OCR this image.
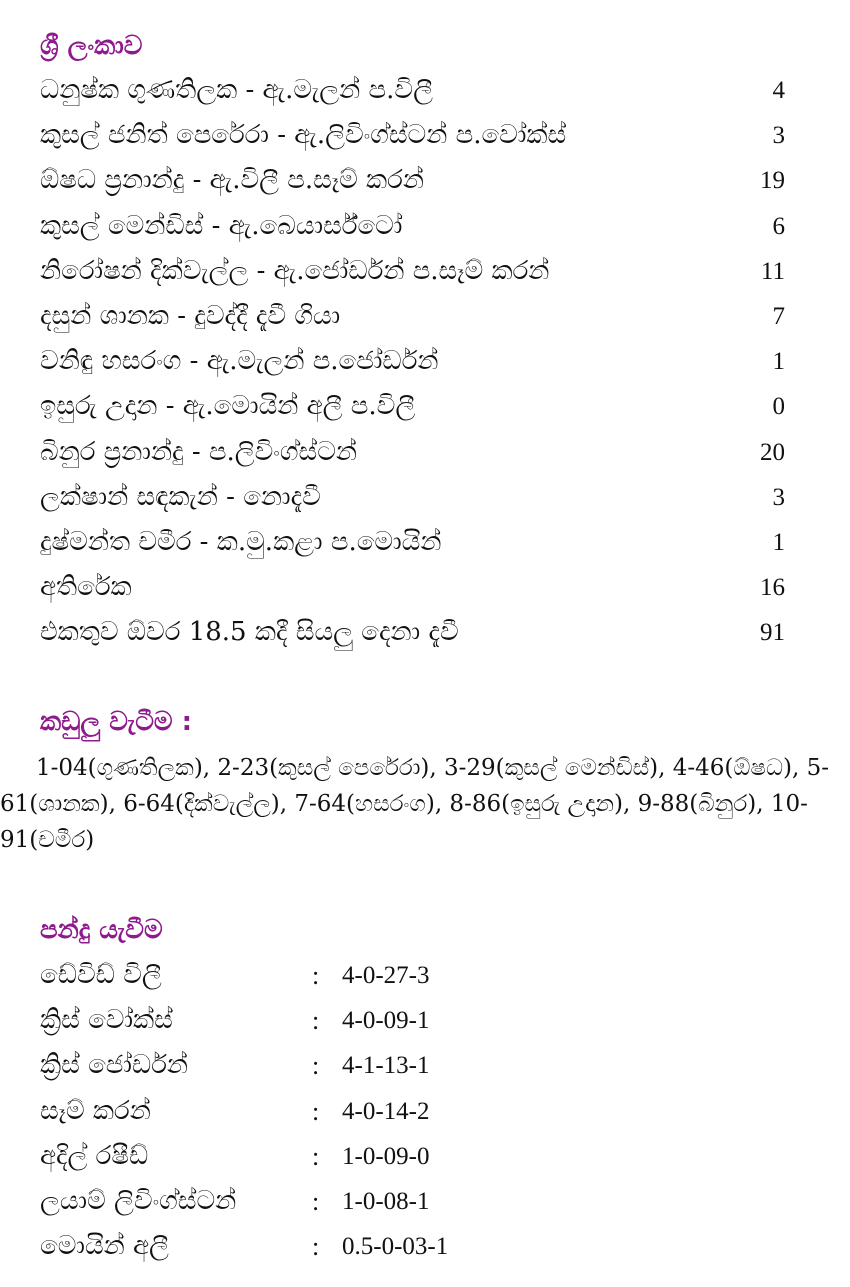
ශ්‍රී ලංකාව
ධනුෂ්ක ගුණතිලක - ඇ.මැලන් ප.විලී	4
කුසල් ජනිත් පෙරේරා - ඇ.ලිවිංග්ස්ටන් ප.වෝක්ස්	3
ඕෂධ ප්‍රනාන්දු - ඇ.විලී ප.සෑම් කරන්	19
කුසල් මෙන්ඩිස් - ඇ.බෙයාර්ස්ටෝ	6
නිරෝෂන් දික්වැල්ල - ඇ.ජෝර්ඩන් ප.සෑම් කරන්	11
දසුන් ශානක - දුවද්දී දැවී ගියා	7
වනිඳු හසරංග - ඇ.මැලන් ප.ජෝර්ඩන්	1
ඉසුරු උදාන - ඇ.මොයින් අලී ප.විලී	0
බිනුර ප්‍රනාන්දු - ප.ලිවිංග්ස්ටන්	20
ලක්ෂාන් සඳකැන් - නොදැවී	3
දුෂ්මන්ත චමීර - ක.මු.කළා ප.මොයින්	1
අතිරේක	16
එකතුව ඕවර 18.5 කදී සියලු දෙනා දැවී	91
කඩුලු වැටීම :

1-04(ගුණතිලක), 2-23(කුසල් පෙරේරා), 3-29(කුසල් මෙන්ඩිස්), 4-46(ඕෂධ), 5-61(ශානක), 6-64(දික්වැල්ල), 7-64(හසරංග), 8-86(ඉසුරු උදාන), 9-88(බිනුර), 10-91(චමීර)

පන්දු යැවීම
ඩේවිඩ් විලී	: 4-0-27-3
ක්‍රිස් වෝක්ස්	: 4-0-09-1
ක්‍රිස් ජෝර්ඩන්	: 4-1-13-1
සෑම් කරන්	: 4-0-14-2
අදිල් රෂීඩ්	: 1-0-09-0
ලයාම් ලිවිංග්ස්ටන්	: 1-0-08-1
මොයින් අලී	: 0.5-0-03-1
